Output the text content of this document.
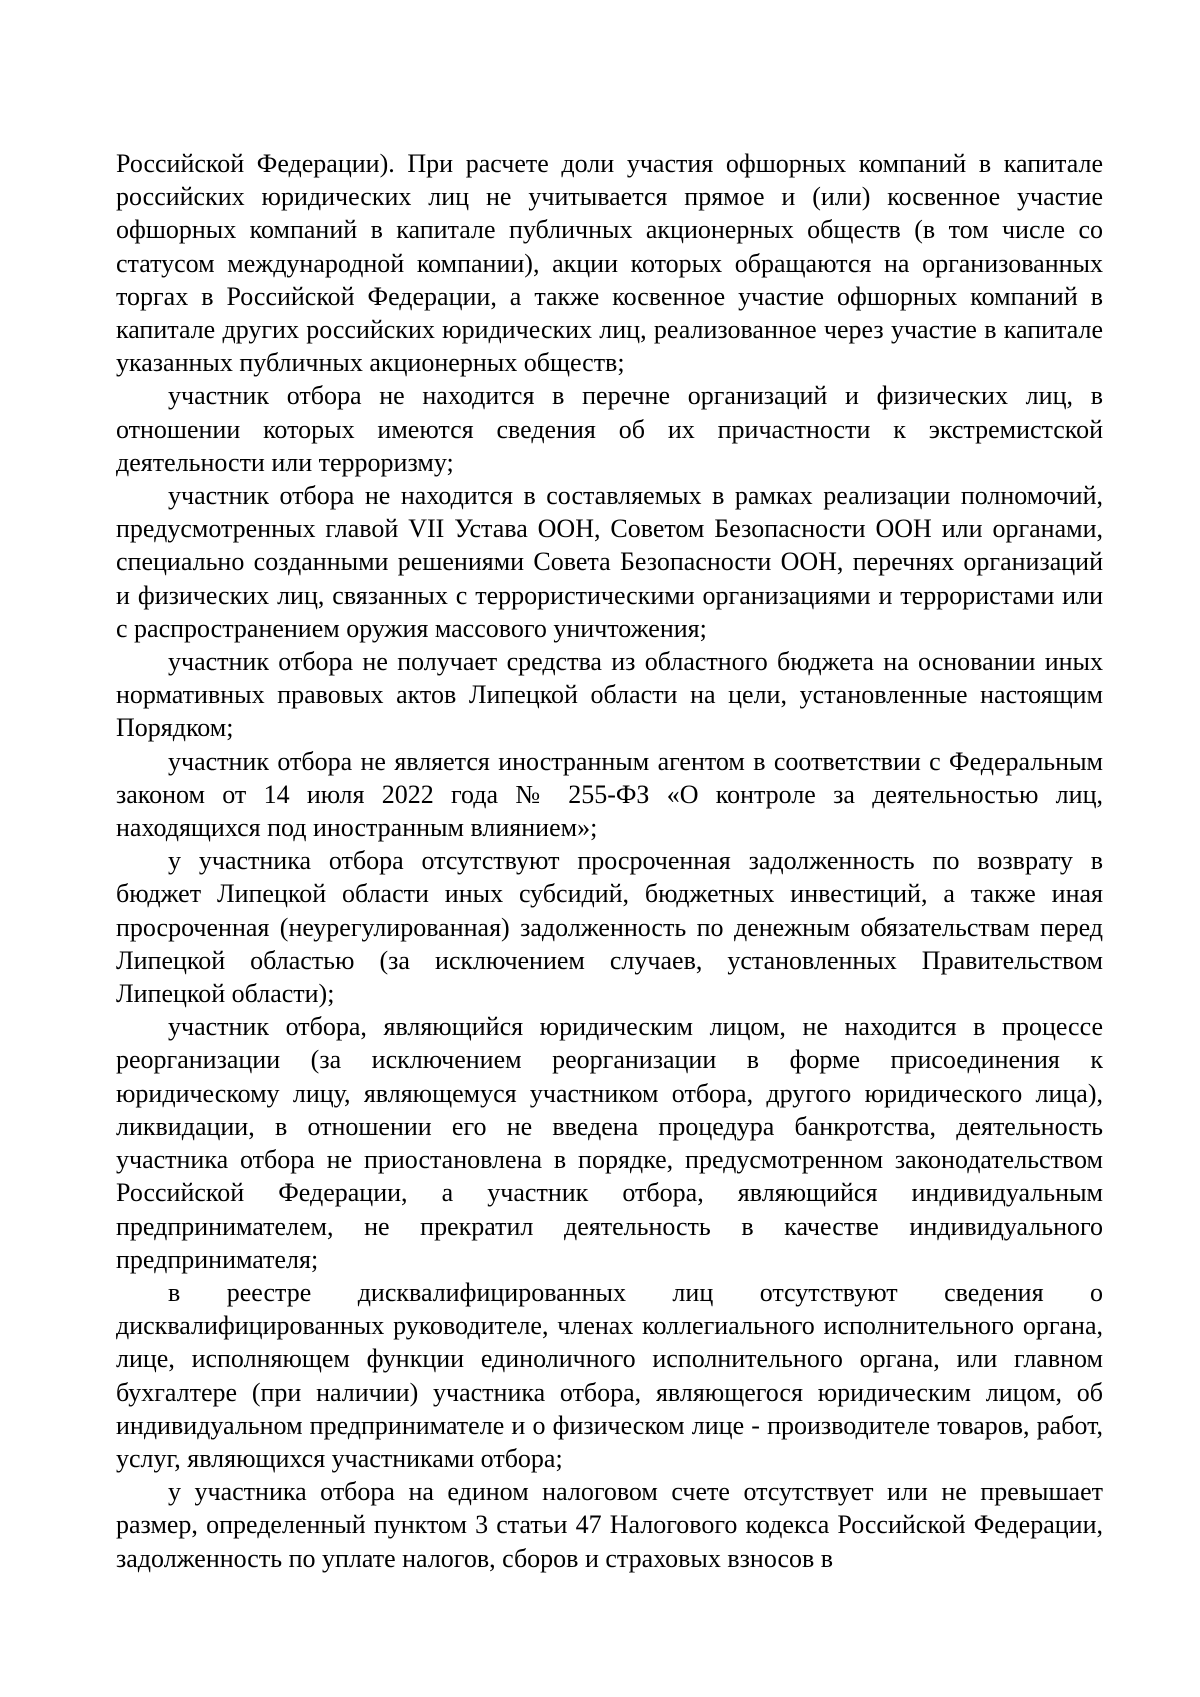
Российской Федерации). При расчете доли участия офшорных компаний в капитале российских юридических лиц не учитывается прямое и (или) косвенное участие офшорных компаний в капитале публичных акционерных обществ (в том числе со статусом международной компании), акции которых обращаются на организованных торгах в Российской Федерации, а также косвенное участие офшорных компаний в капитале других российских юридических лиц, реализованное через участие в капитале указанных публичных акционерных обществ;

участник отбора не находится в перечне организаций и физических лиц, в отношении которых имеются сведения об их причастности к экстремистской деятельности или терроризму;

участник отбора не находится в составляемых в рамках реализации полномочий, предусмотренных главой VII Устава ООН, Советом Безопасности ООН или органами, специально созданными решениями Совета Безопасности ООН, перечнях организаций и физических лиц, связанных с террористическими организациями и террористами или с распространением оружия массового уничтожения;

участник отбора не получает средства из областного бюджета на основании иных нормативных правовых актов Липецкой области на цели, установленные настоящим Порядком;

участник отбора не является иностранным агентом в соответствии с Федеральным законом от 14 июля 2022 года № 255-ФЗ «О контроле за деятельностью лиц, находящихся под иностранным влиянием»;

у участника отбора отсутствуют просроченная задолженность по возврату в бюджет Липецкой области иных субсидий, бюджетных инвестиций, а также иная просроченная (неурегулированная) задолженность по денежным обязательствам перед Липецкой областью (за исключением случаев, установленных Правительством Липецкой области);

участник отбора, являющийся юридическим лицом, не находится в процессе реорганизации (за исключением реорганизации в форме присоединения к юридическому лицу, являющемуся участником отбора, другого юридического лица), ликвидации, в отношении его не введена процедура банкротства, деятельность участника отбора не приостановлена в порядке, предусмотренном законодательством Российской Федерации, а участник отбора, являющийся индивидуальным предпринимателем, не прекратил деятельность в качестве индивидуального предпринимателя;

в реестре дисквалифицированных лиц отсутствуют сведения о дисквалифицированных руководителе, членах коллегиального исполнительного органа, лице, исполняющем функции единоличного исполнительного органа, или главном бухгалтере (при наличии) участника отбора, являющегося юридическим лицом, об индивидуальном предпринимателе и о физическом лице - производителе товаров, работ, услуг, являющихся участниками отбора;

у участника отбора на едином налоговом счете отсутствует или не превышает размер, определенный пунктом 3 статьи 47 Налогового кодекса Российской Федерации, задолженность по уплате налогов, сборов и страховых взносов в
